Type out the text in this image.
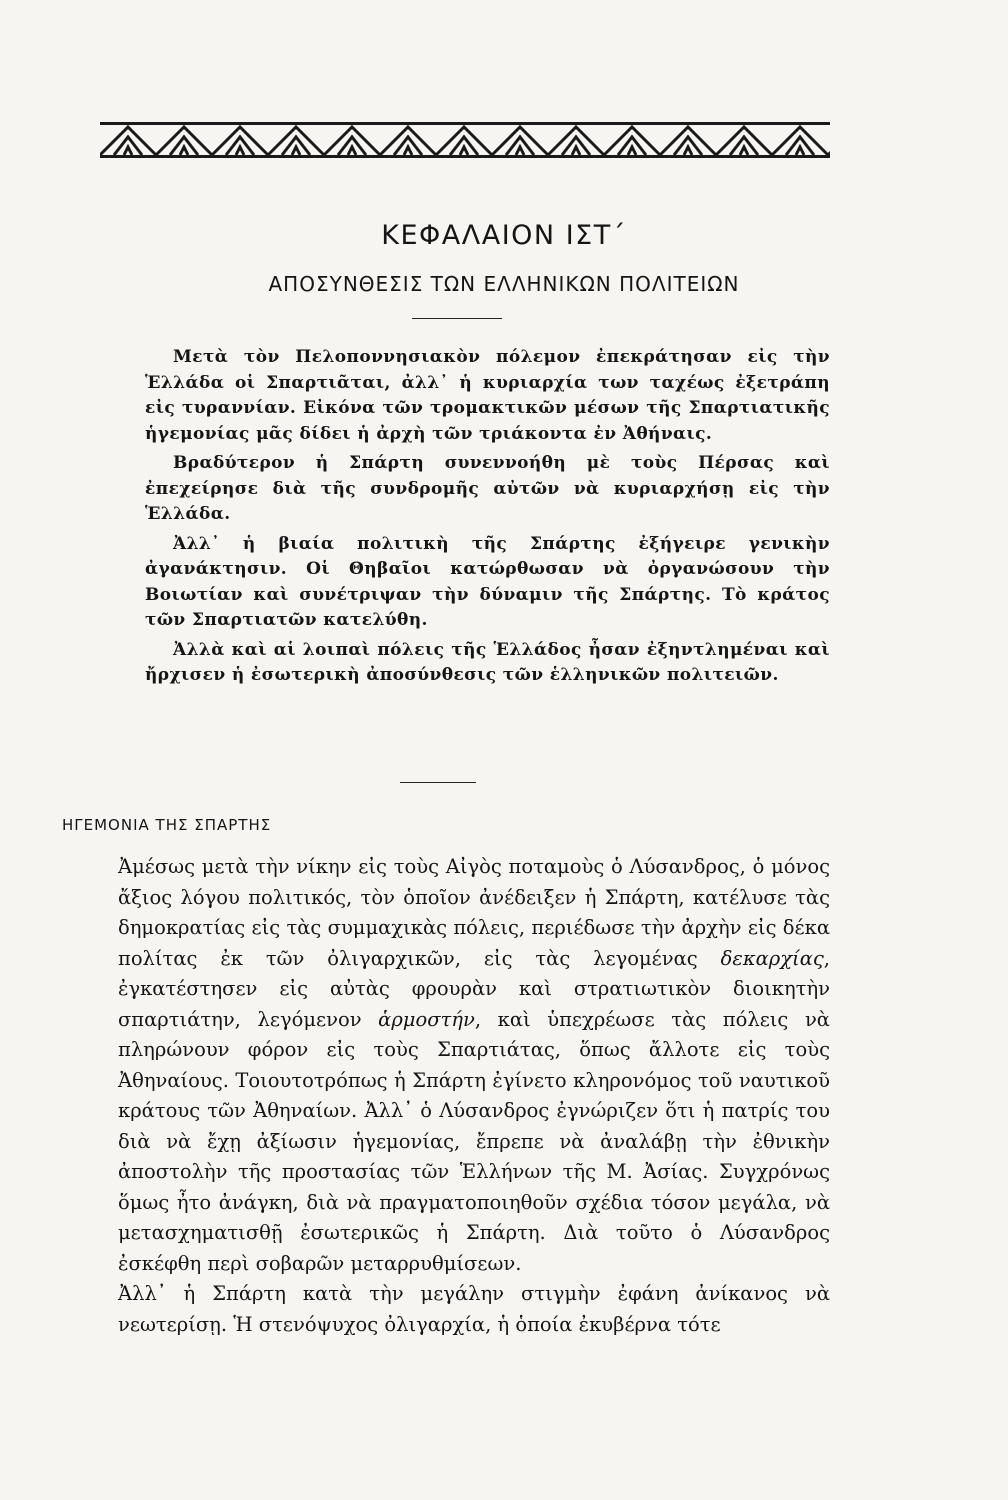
ΚΕΦΑΛΑΙΟΝ ΙΣΤ΄
ΑΠΟΣΥΝΘΕΣΙΣ ΤΩΝ ΕΛΛΗΝΙΚΩΝ ΠΟΛΙΤΕΙΩΝ

Μετὰ τὸν Πελοποννησιακὸν πόλεμον ἐπεκράτησαν εἰς τὴν Ἑλλάδα οἱ Σπαρτιᾶται, ἀλλ᾽ ἡ κυριαρχία των ταχέως ἐξετράπη εἰς τυραννίαν. Εἰκόνα τῶν τρομακτικῶν μέσων τῆς Σπαρτιατικῆς ἡγεμονίας μᾶς δίδει ἡ ἀρχὴ τῶν τριάκοντα ἐν Ἀθήναις.

Βραδύτερον ἡ Σπάρτη συνεννοήθη μὲ τοὺς Πέρσας καὶ ἐπεχείρησε διὰ τῆς συνδρομῆς αὐτῶν νὰ κυριαρχήσῃ εἰς τὴν Ἑλλάδα.

Ἀλλ᾽ ἡ βιαία πολιτικὴ τῆς Σπάρτης ἐξήγειρε γενικὴν ἀγανάκτησιν. Οἱ Θηβαῖοι κατώρθωσαν νὰ ὀργανώσουν τὴν Βοιωτίαν καὶ συνέτριψαν τὴν δύναμιν τῆς Σπάρτης. Τὸ κράτος τῶν Σπαρτιατῶν κατελύθη.

Ἀλλὰ καὶ αἱ λοιπαὶ πόλεις τῆς Ἑλλάδος ἦσαν ἐξηντλημέναι καὶ ἤρχισεν ἡ ἐσωτερικὴ ἀποσύνθεσις τῶν ἑλληνικῶν πολιτειῶν.

ΗΓΕΜΟΝΙΑ ΤΗΣ ΣΠΑΡΤΗΣ

Ἀμέσως μετὰ τὴν νίκην εἰς τοὺς Αἰγὸς ποταμοὺς ὁ Λύσανδρος, ὁ μόνος ἄξιος λόγου πολιτικός, τὸν ὁποῖον ἀνέδειξεν ἡ Σπάρτη, κατέλυσε τὰς δημοκρατίας εἰς τὰς συμμαχικὰς πόλεις, περιέδωσε τὴν ἀρχὴν εἰς δέκα πολίτας ἐκ τῶν ὀλιγαρχικῶν, εἰς τὰς λεγομένας δεκαρχίας, ἐγκατέστησεν εἰς αὐτὰς φρουρὰν καὶ στρατιωτικὸν διοικητὴν σπαρτιάτην, λεγόμενον ἁρμοστήν, καὶ ὑπεχρέωσε τὰς πόλεις νὰ πληρώνουν φόρον εἰς τοὺς Σπαρτιάτας, ὅπως ἄλλοτε εἰς τοὺς Ἀθηναίους. Τοιουτοτρόπως ἡ Σπάρτη ἐγίνετο κληρονόμος τοῦ ναυτικοῦ κράτους τῶν Ἀθηναίων. Ἀλλ᾽ ὁ Λύσανδρος ἐγνώριζεν ὅτι ἡ πατρίς του διὰ νὰ ἔχῃ ἀξίωσιν ἡγεμονίας, ἔπρεπε νὰ ἀναλάβῃ τὴν ἐθνικὴν ἀποστολὴν τῆς προστασίας τῶν Ἑλλήνων τῆς Μ. Ἀσίας. Συγχρόνως ὅμως ἦτο ἀνάγκη, διὰ νὰ πραγματοποιηθοῦν σχέδια τόσον μεγάλα, νὰ μετασχηματισθῇ ἐσωτερικῶς ἡ Σπάρτη. Διὰ τοῦτο ὁ Λύσανδρος ἐσκέφθη περὶ σοβαρῶν μεταρρυθμίσεων.

Ἀλλ᾽ ἡ Σπάρτη κατὰ τὴν μεγάλην στιγμὴν ἐφάνη ἀνίκανος νὰ νεωτερίσῃ. Ἡ στενόψυχος ὀλιγαρχία, ἡ ὁποία ἐκυβέρνα τότε
